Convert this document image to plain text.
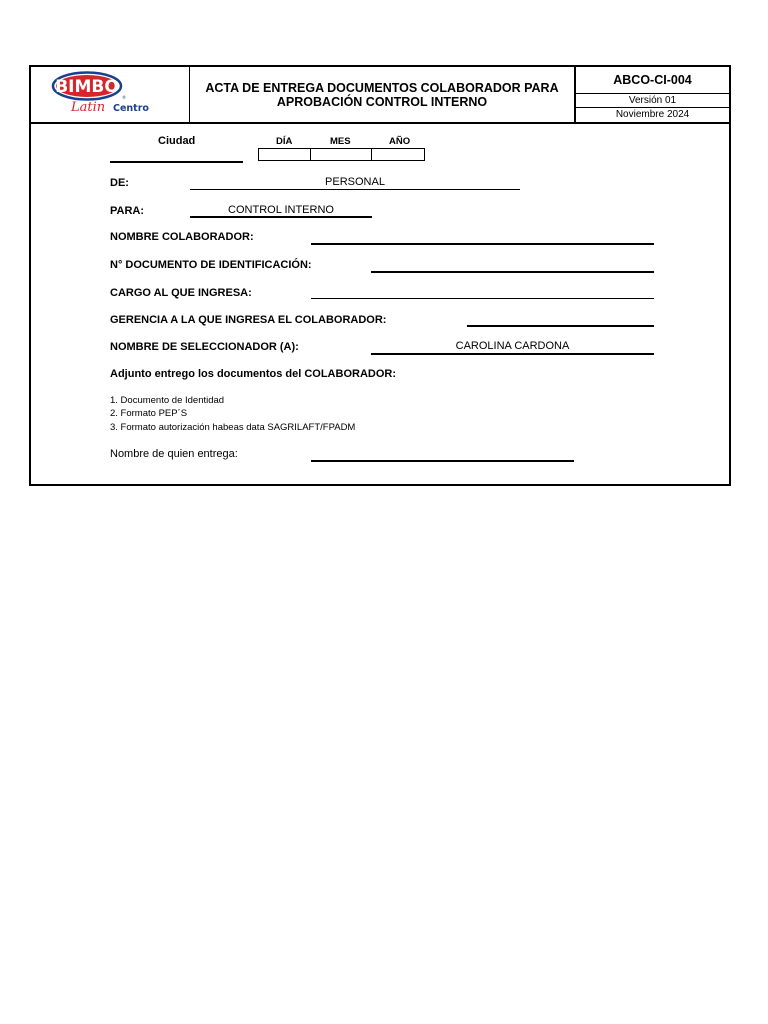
BIMBO
®
Latin Centro
ACTA DE ENTREGA DOCUMENTOS COLABORADOR PARA
APROBACIÓN CONTROL INTERNO
ABCO-CI-004
Versión 01
Noviembre 2024
Ciudad	DÍA	MES	AÑO
DE:	PERSONAL
PARA:	CONTROL INTERNO
NOMBRE COLABORADOR:
N° DOCUMENTO DE IDENTIFICACIÓN:
CARGO AL QUE INGRESA:
GERENCIA A LA QUE INGRESA EL COLABORADOR:
NOMBRE DE SELECCIONADOR (A):	CAROLINA CARDONA
Adjunto entrego los documentos del COLABORADOR:
1. Documento de Identidad
2. Formato PEP´S
3. Formato autorización habeas data SAGRILAFT/FPADM
Nombre de quien entrega:
